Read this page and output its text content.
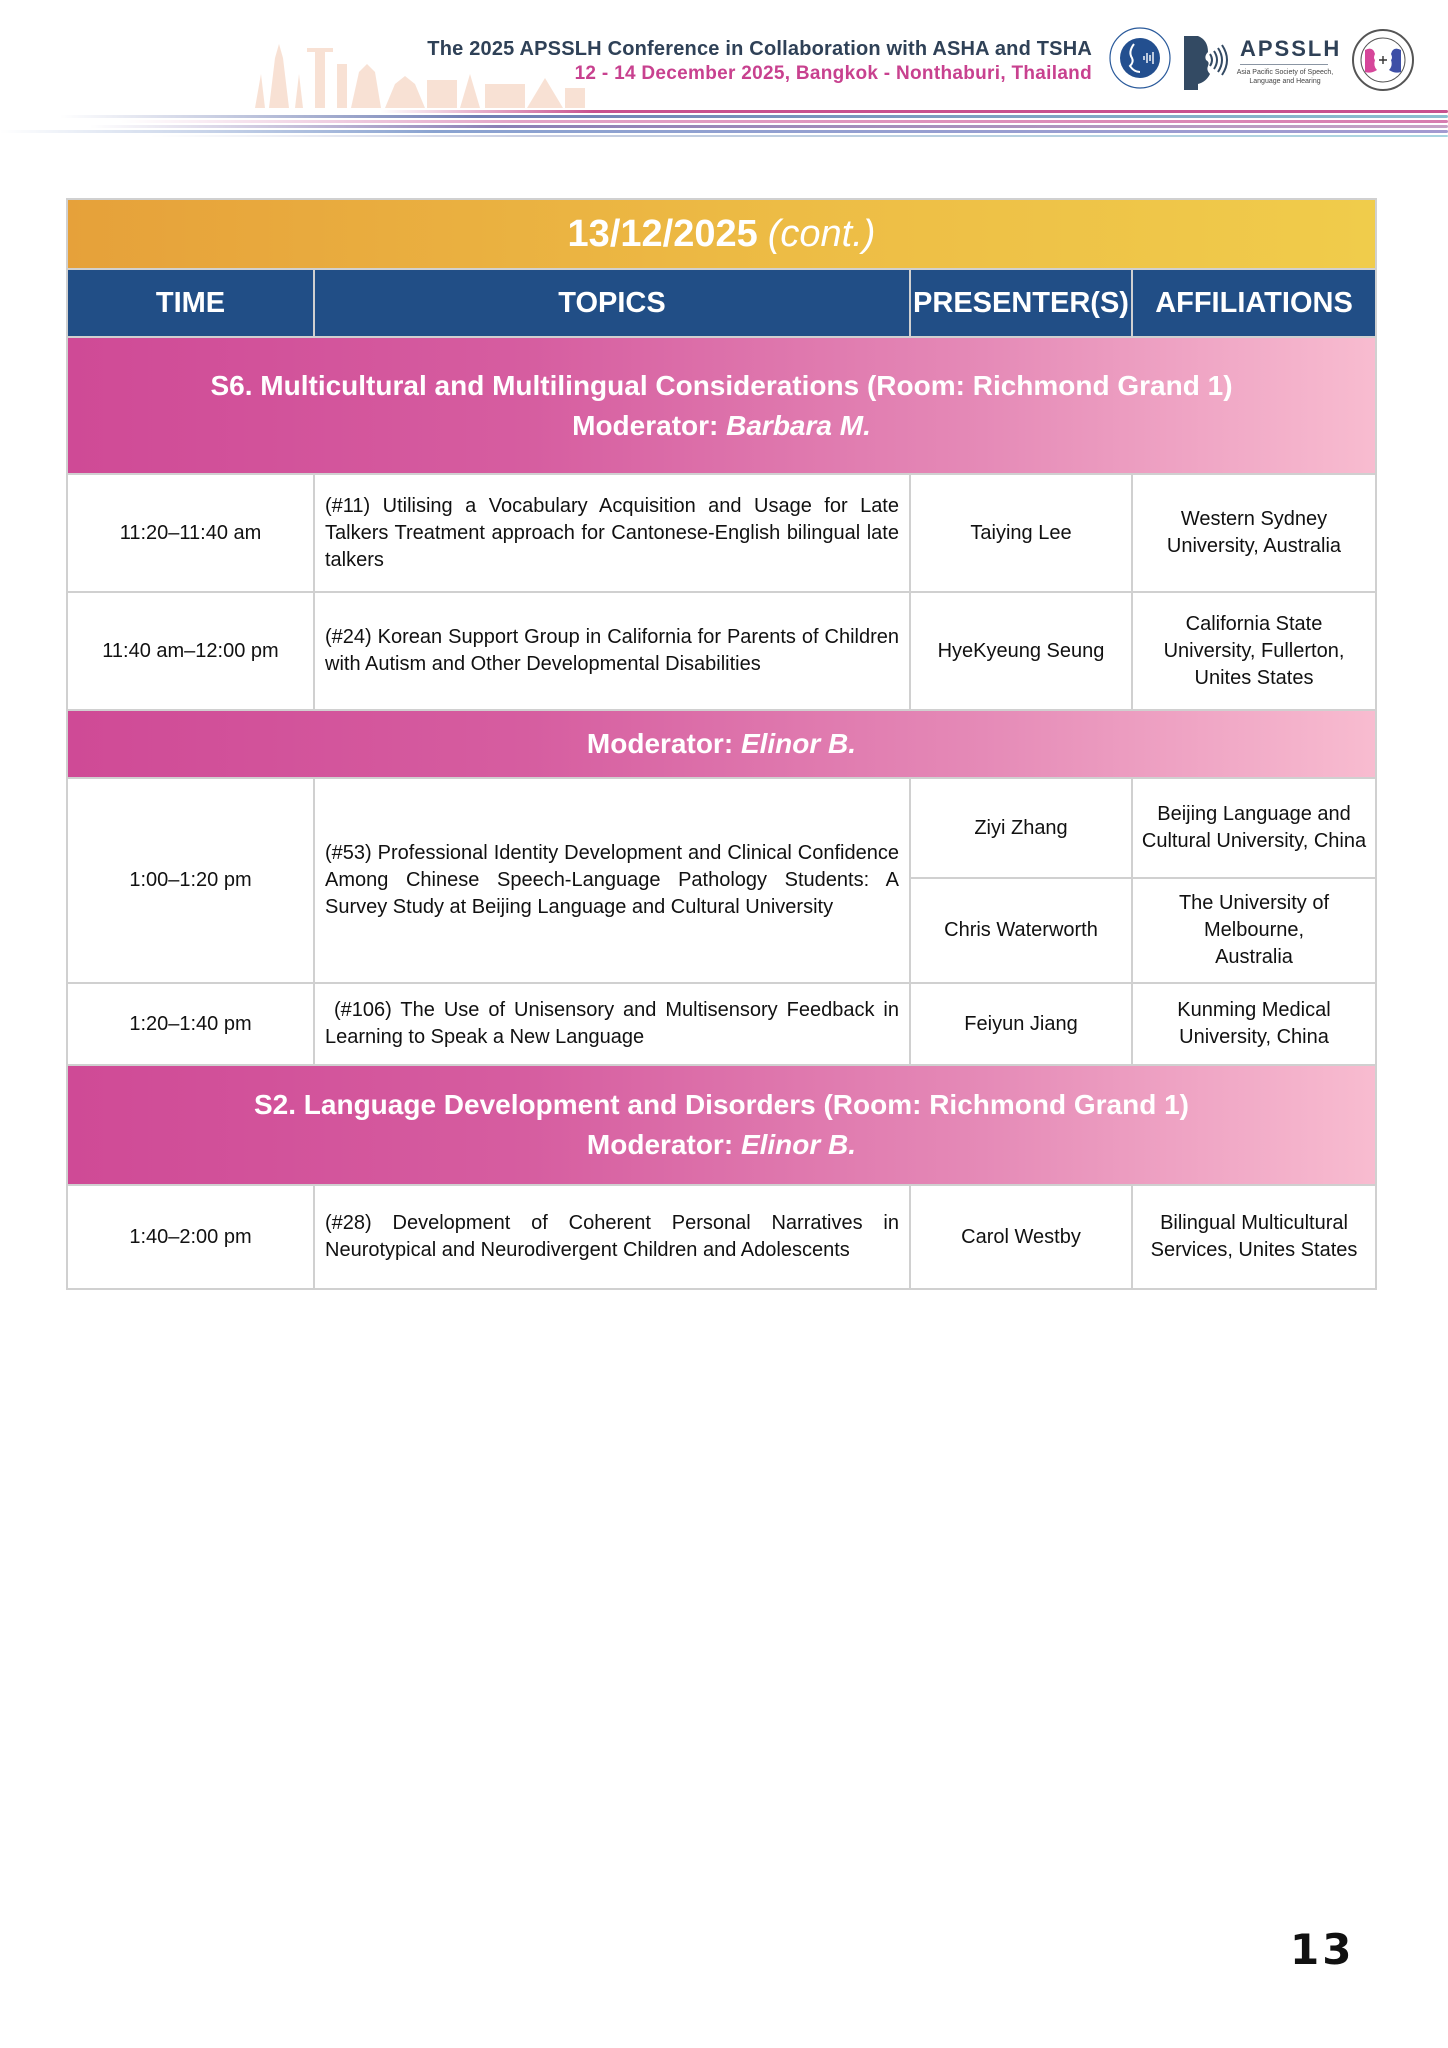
The 2025 APSSLH Conference in Collaboration with ASHA and TSHA
12 - 14 December 2025, Bangkok - Nonthaburi, Thailand
APSSLH
Asia Pacific Society of Speech, Language and Hearing
13/12/2025 (cont.)
TIME	TOPICS	PRESENTER(S) AFFILIATIONS
S6. Multicultural and Multilingual Considerations (Room: Richmond Grand 1)
Moderator: Barbara M.
11:20–11:40 am
(#11) Utilising a Vocabulary Acquisition and Usage for Late Talkers Treatment approach for Cantonese-English bilingual late talkers
Taiying Lee
Western Sydney University, Australia
11:40 am–12:00 pm
(#24) Korean Support Group in California for Parents of Children with Autism and Other Developmental Disabilities
HyeKyeung Seung
California State University, Fullerton, Unites States
Moderator: Elinor B.
1:00–1:20 pm
(#53) Professional Identity Development and Clinical Confidence Among Chinese Speech-Language Pathology Students: A Survey Study at Beijing Language and Cultural University
Ziyi Zhang
Chris Waterworth
Beijing Language and Cultural University, China
The University of Melbourne, Australia
1:20–1:40 pm
(#106) The Use of Unisensory and Multisensory Feedback in Learning to Speak a New Language
Feiyun Jiang
Kunming Medical University, China
S2. Language Development and Disorders (Room: Richmond Grand 1)
Moderator: Elinor B.
1:40–2:00 pm
(#28) Development of Coherent Personal Narratives in Neurotypical and Neurodivergent Children and Adolescents
Carol Westby
Bilingual Multicultural Services, Unites States
13
